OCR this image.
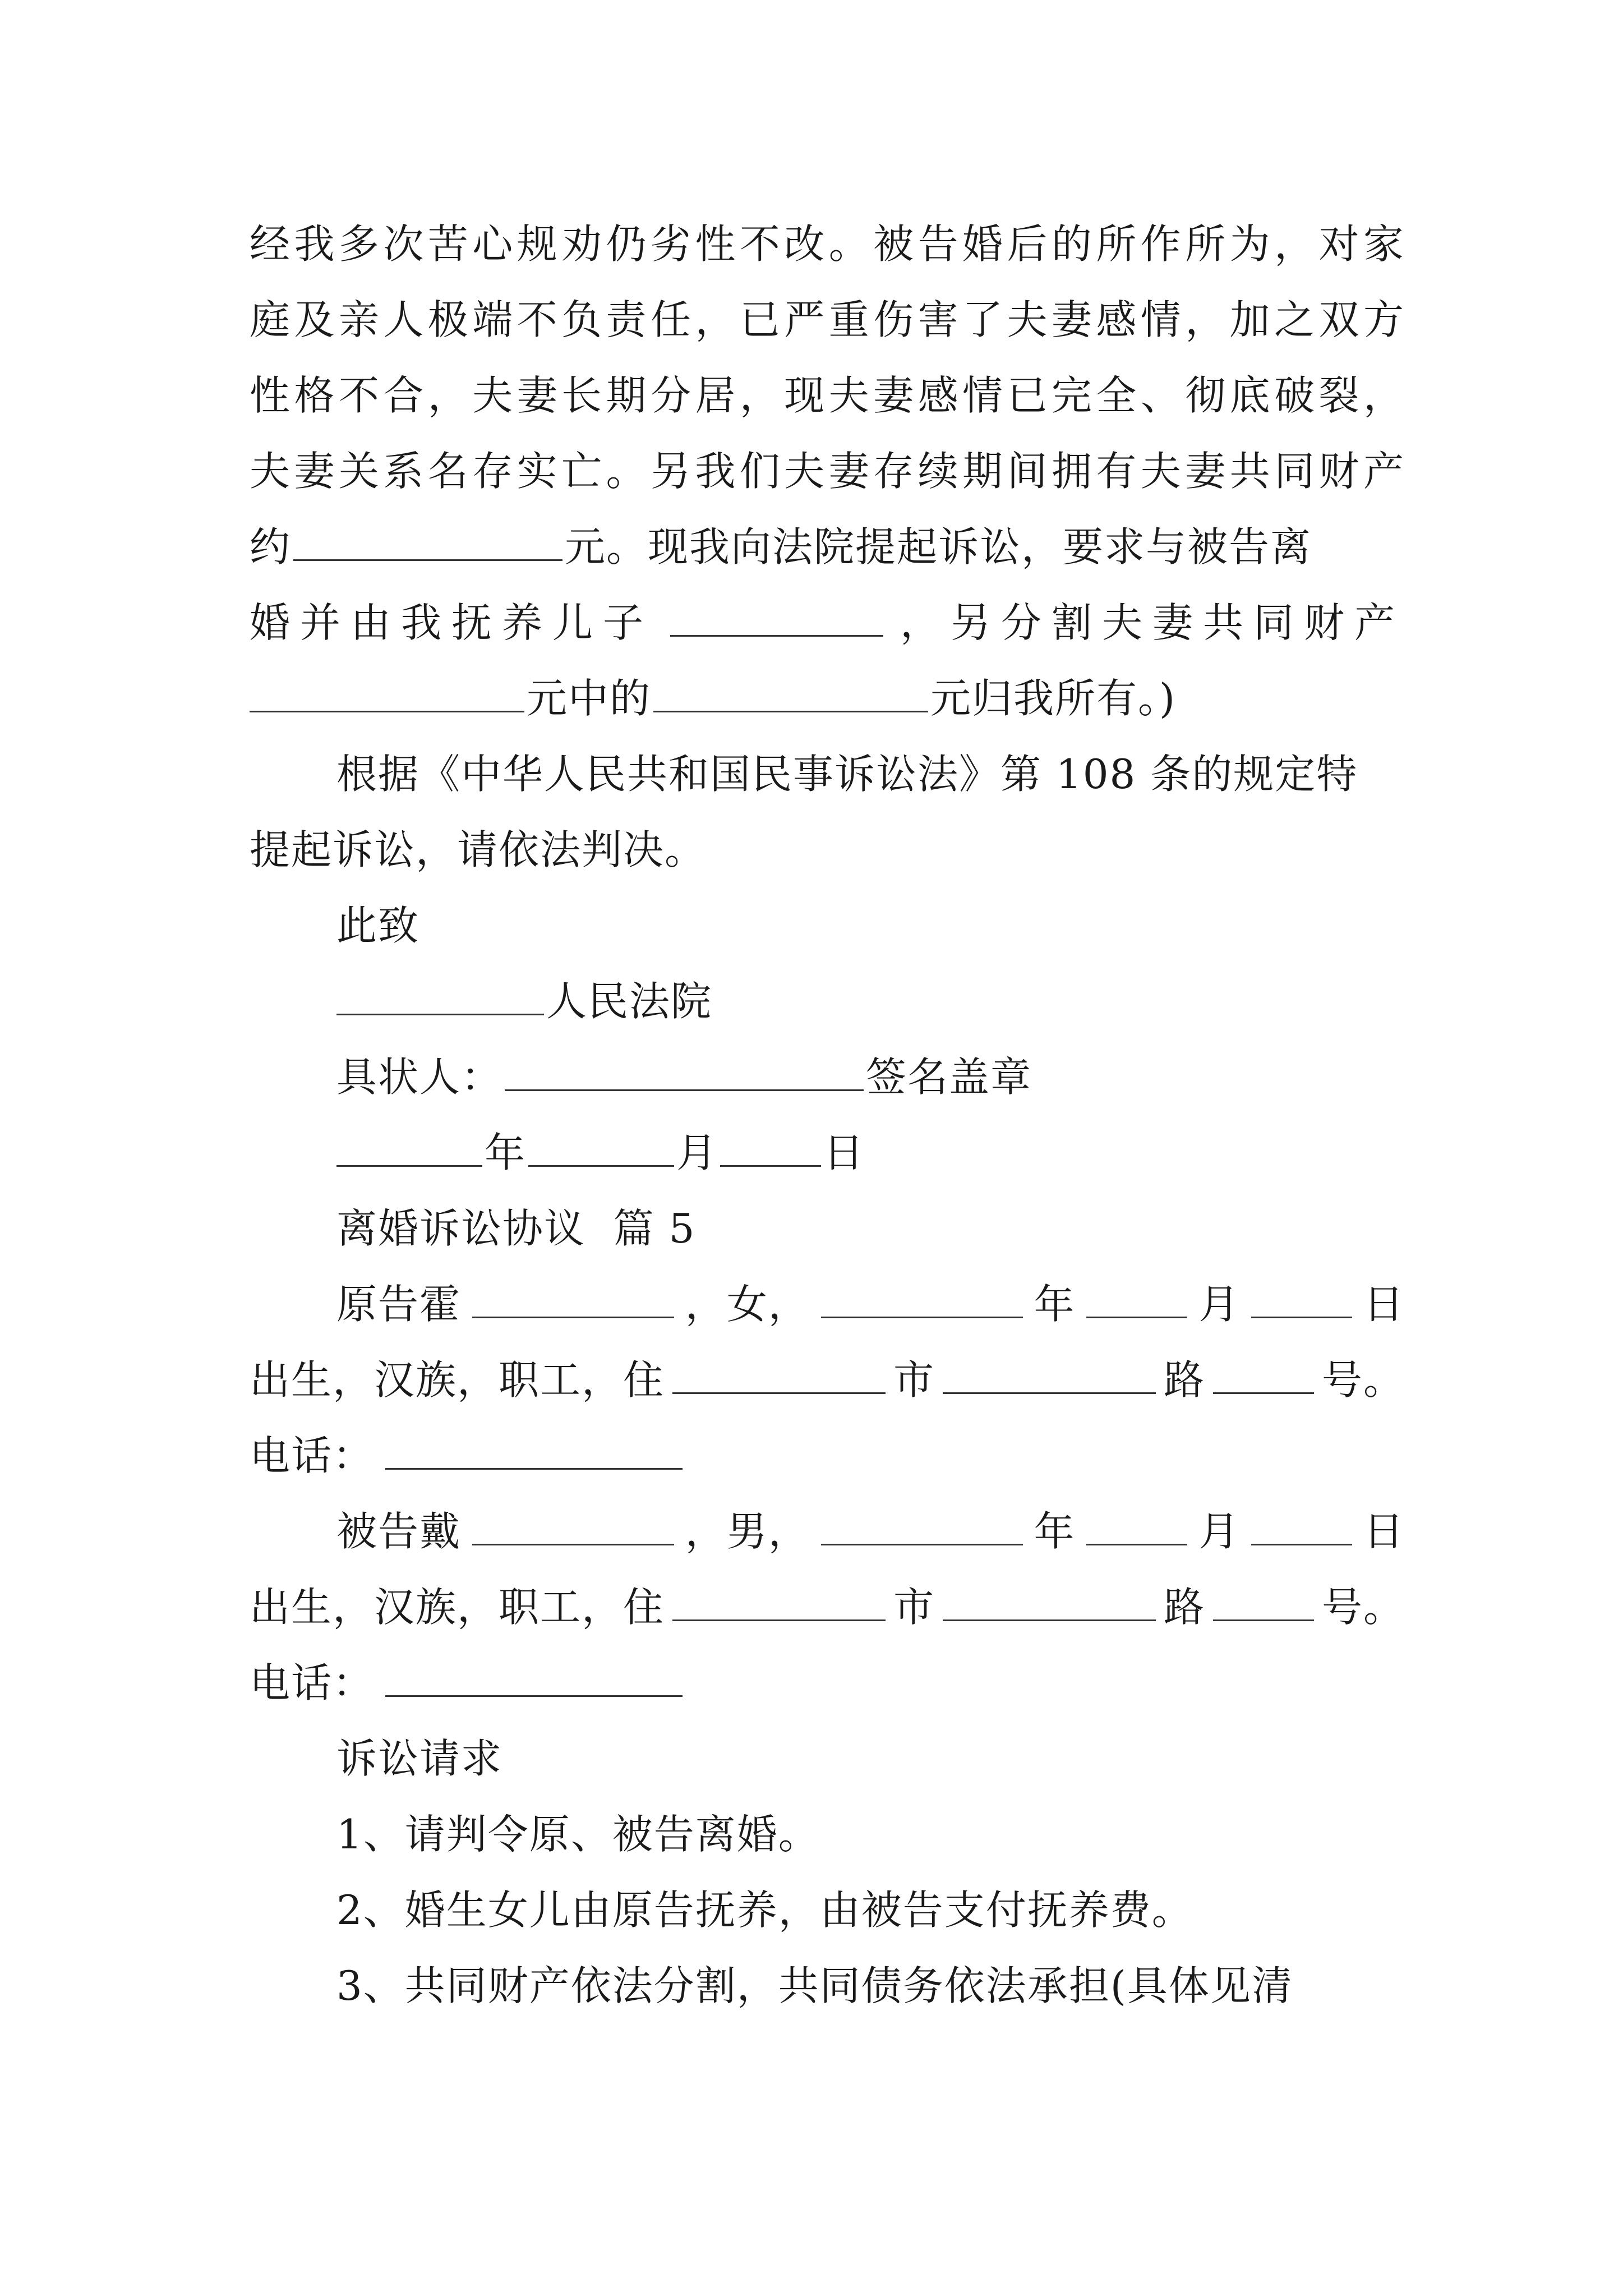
经我多次苦心规劝仍劣性不改。被告婚后的所作所为，对家
庭及亲人极端不负责任，已严重伤害了夫妻感情，加之双方
性格不合，夫妻长期分居，现夫妻感情已完全、彻底破裂，
夫妻关系名存实亡。另我们夫妻存续期间拥有夫妻共同财产
约	元。现我向法院提起诉讼，要求与被告离
婚并由我抚养儿子	，另分割夫妻共同财产
元中的	元归我所有。)
根据《中华人民共和国民事诉讼法》第 108 条的规定特
提起诉讼，请依法判决。
此致
人民法院
具状人：	签名盖章
年	月	日
离婚诉讼协议  篇 5
原告霍	，女，	年	月	日
出生，汉族，职工，住	市	路	号。
电话：
被告戴	，男，	年	月	日
出生，汉族，职工，住	市	路	号。
电话：
诉讼请求
1、请判令原、被告离婚。
2、婚生女儿由原告抚养，由被告支付抚养费。
3、共同财产依法分割，共同债务依法承担(具体见清
